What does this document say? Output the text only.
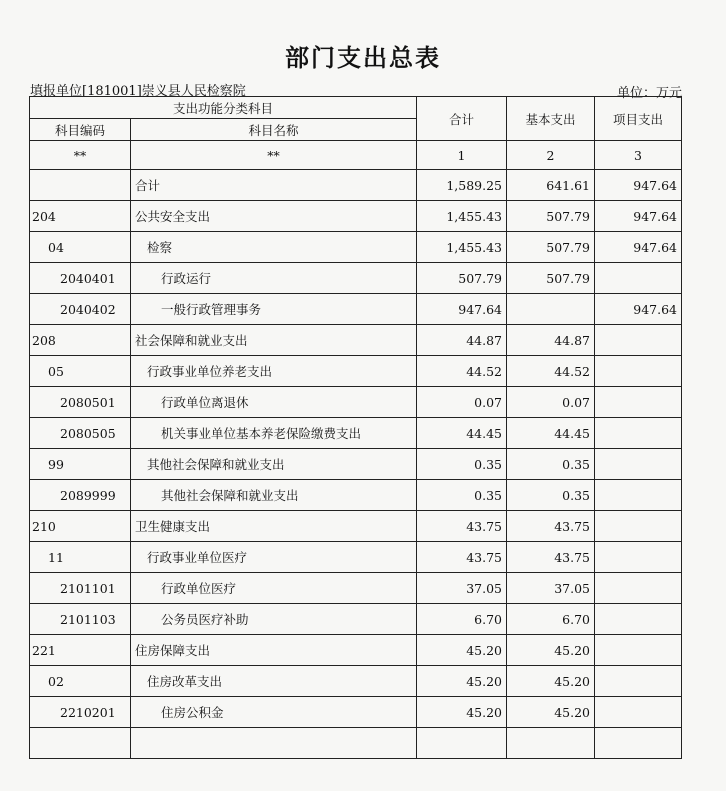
部门支出总表
填报单位[181001]崇义县人民检察院	单位：万元
支出功能分类科目		合计	基本支出	项目支出
科目编码	科目名称			
**	**	1	2	3
	合计	1,589.25	641.61	947.64
204	公共安全支出	1,455.43	507.79	947.64
04	检察	1,455.43	507.79	947.64
2040401	行政运行	507.79	507.79	
2040402	一般行政管理事务	947.64		947.64
208	社会保障和就业支出	44.87	44.87	
05	行政事业单位养老支出	44.52	44.52	
2080501	行政单位离退休	0.07	0.07	
2080505	机关事业单位基本养老保险缴费支出	44.45	44.45	
99	其他社会保障和就业支出	0.35	0.35	
2089999	其他社会保障和就业支出	0.35	0.35	
210	卫生健康支出	43.75	43.75	
11	行政事业单位医疗	43.75	43.75	
2101101	行政单位医疗	37.05	37.05	
2101103	公务员医疗补助	6.70	6.70	
221	住房保障支出	45.20	45.20	
02	住房改革支出	45.20	45.20	
2210201	住房公积金	45.20	45.20	
